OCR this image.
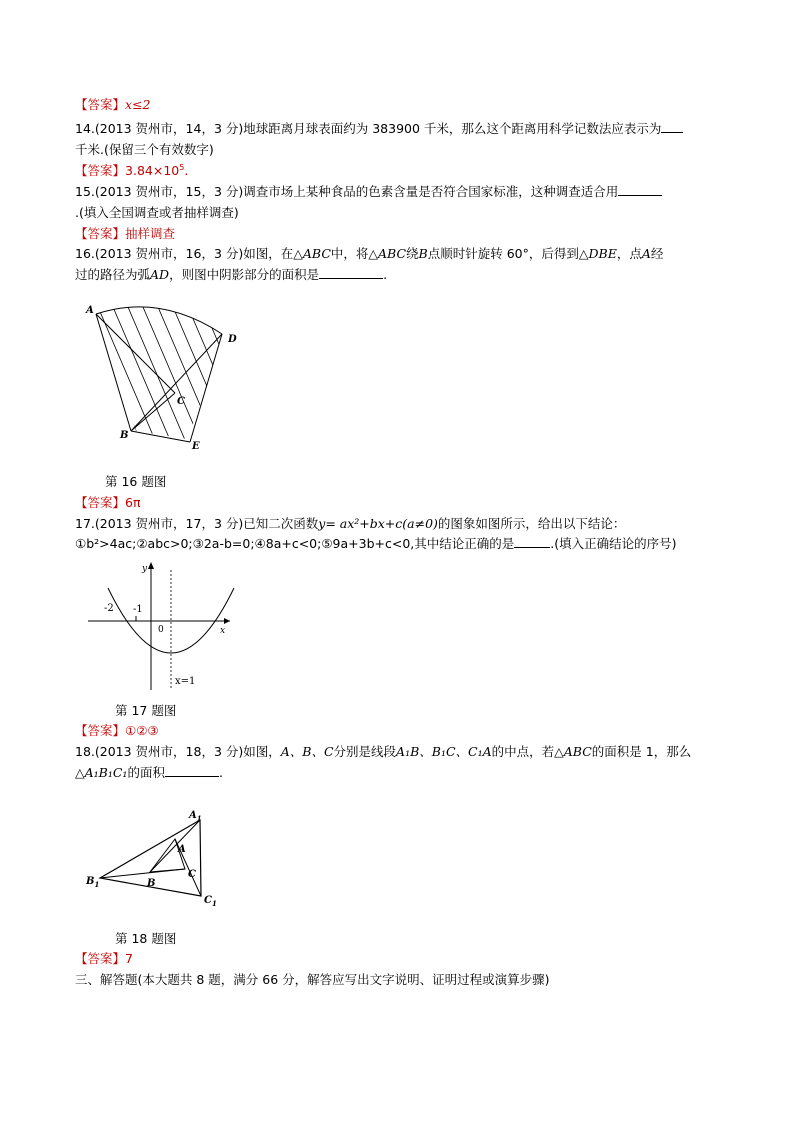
【答案】x≤2
14.(2013 贺州市，14，3 分)地球距离月球表面约为 383900 千米，那么这个距离用科学记数法应表示为
千米.(保留三个有效数字)
【答案】$3.84\times 10^5$.
15.(2013 贺州市，15，3 分)调查市场上某种食品的色素含量是否符合国家标准，这种调查适合用
.(填入全国调查或者抽样调查)
【答案】抽样调查
16.(2013 贺州市，16，3 分)如图，在△ABC中，将△ABC绕B点顺时针旋转 60°，后得到△DBE，点A经
过的路径为弧AD，则图中阴影部分的面积是	.
A
B
C
D
E
第 16 题图
【答案】6π
17.(2013 贺州市，17，3 分)已知二次函数y= ax²+bx+c(a≠0)的图象如图所示，给出以下结论：
①b²>4ac;②abc>0;③2a-b=0;④8a+c<0;⑤9a+3b+c<0,其中结论正确的是	.(填入正确结论的序号)
y
x
-2 -1
0
x=1
第 17 题图
【答案】①②③
18.(2013 贺州市，18，3 分)如图，A、B、C分别是线段A₁B、B₁C、C₁A的中点，若△ABC的面积是 1，那么
△A₁B₁C₁的面积	.
$A_1$
$B_1$
$C_1$
A
B
C
第 18 题图
【答案】7
三、解答题(本大题共 8 题，满分 66 分，解答应写出文字说明、证明过程或演算步骤)
